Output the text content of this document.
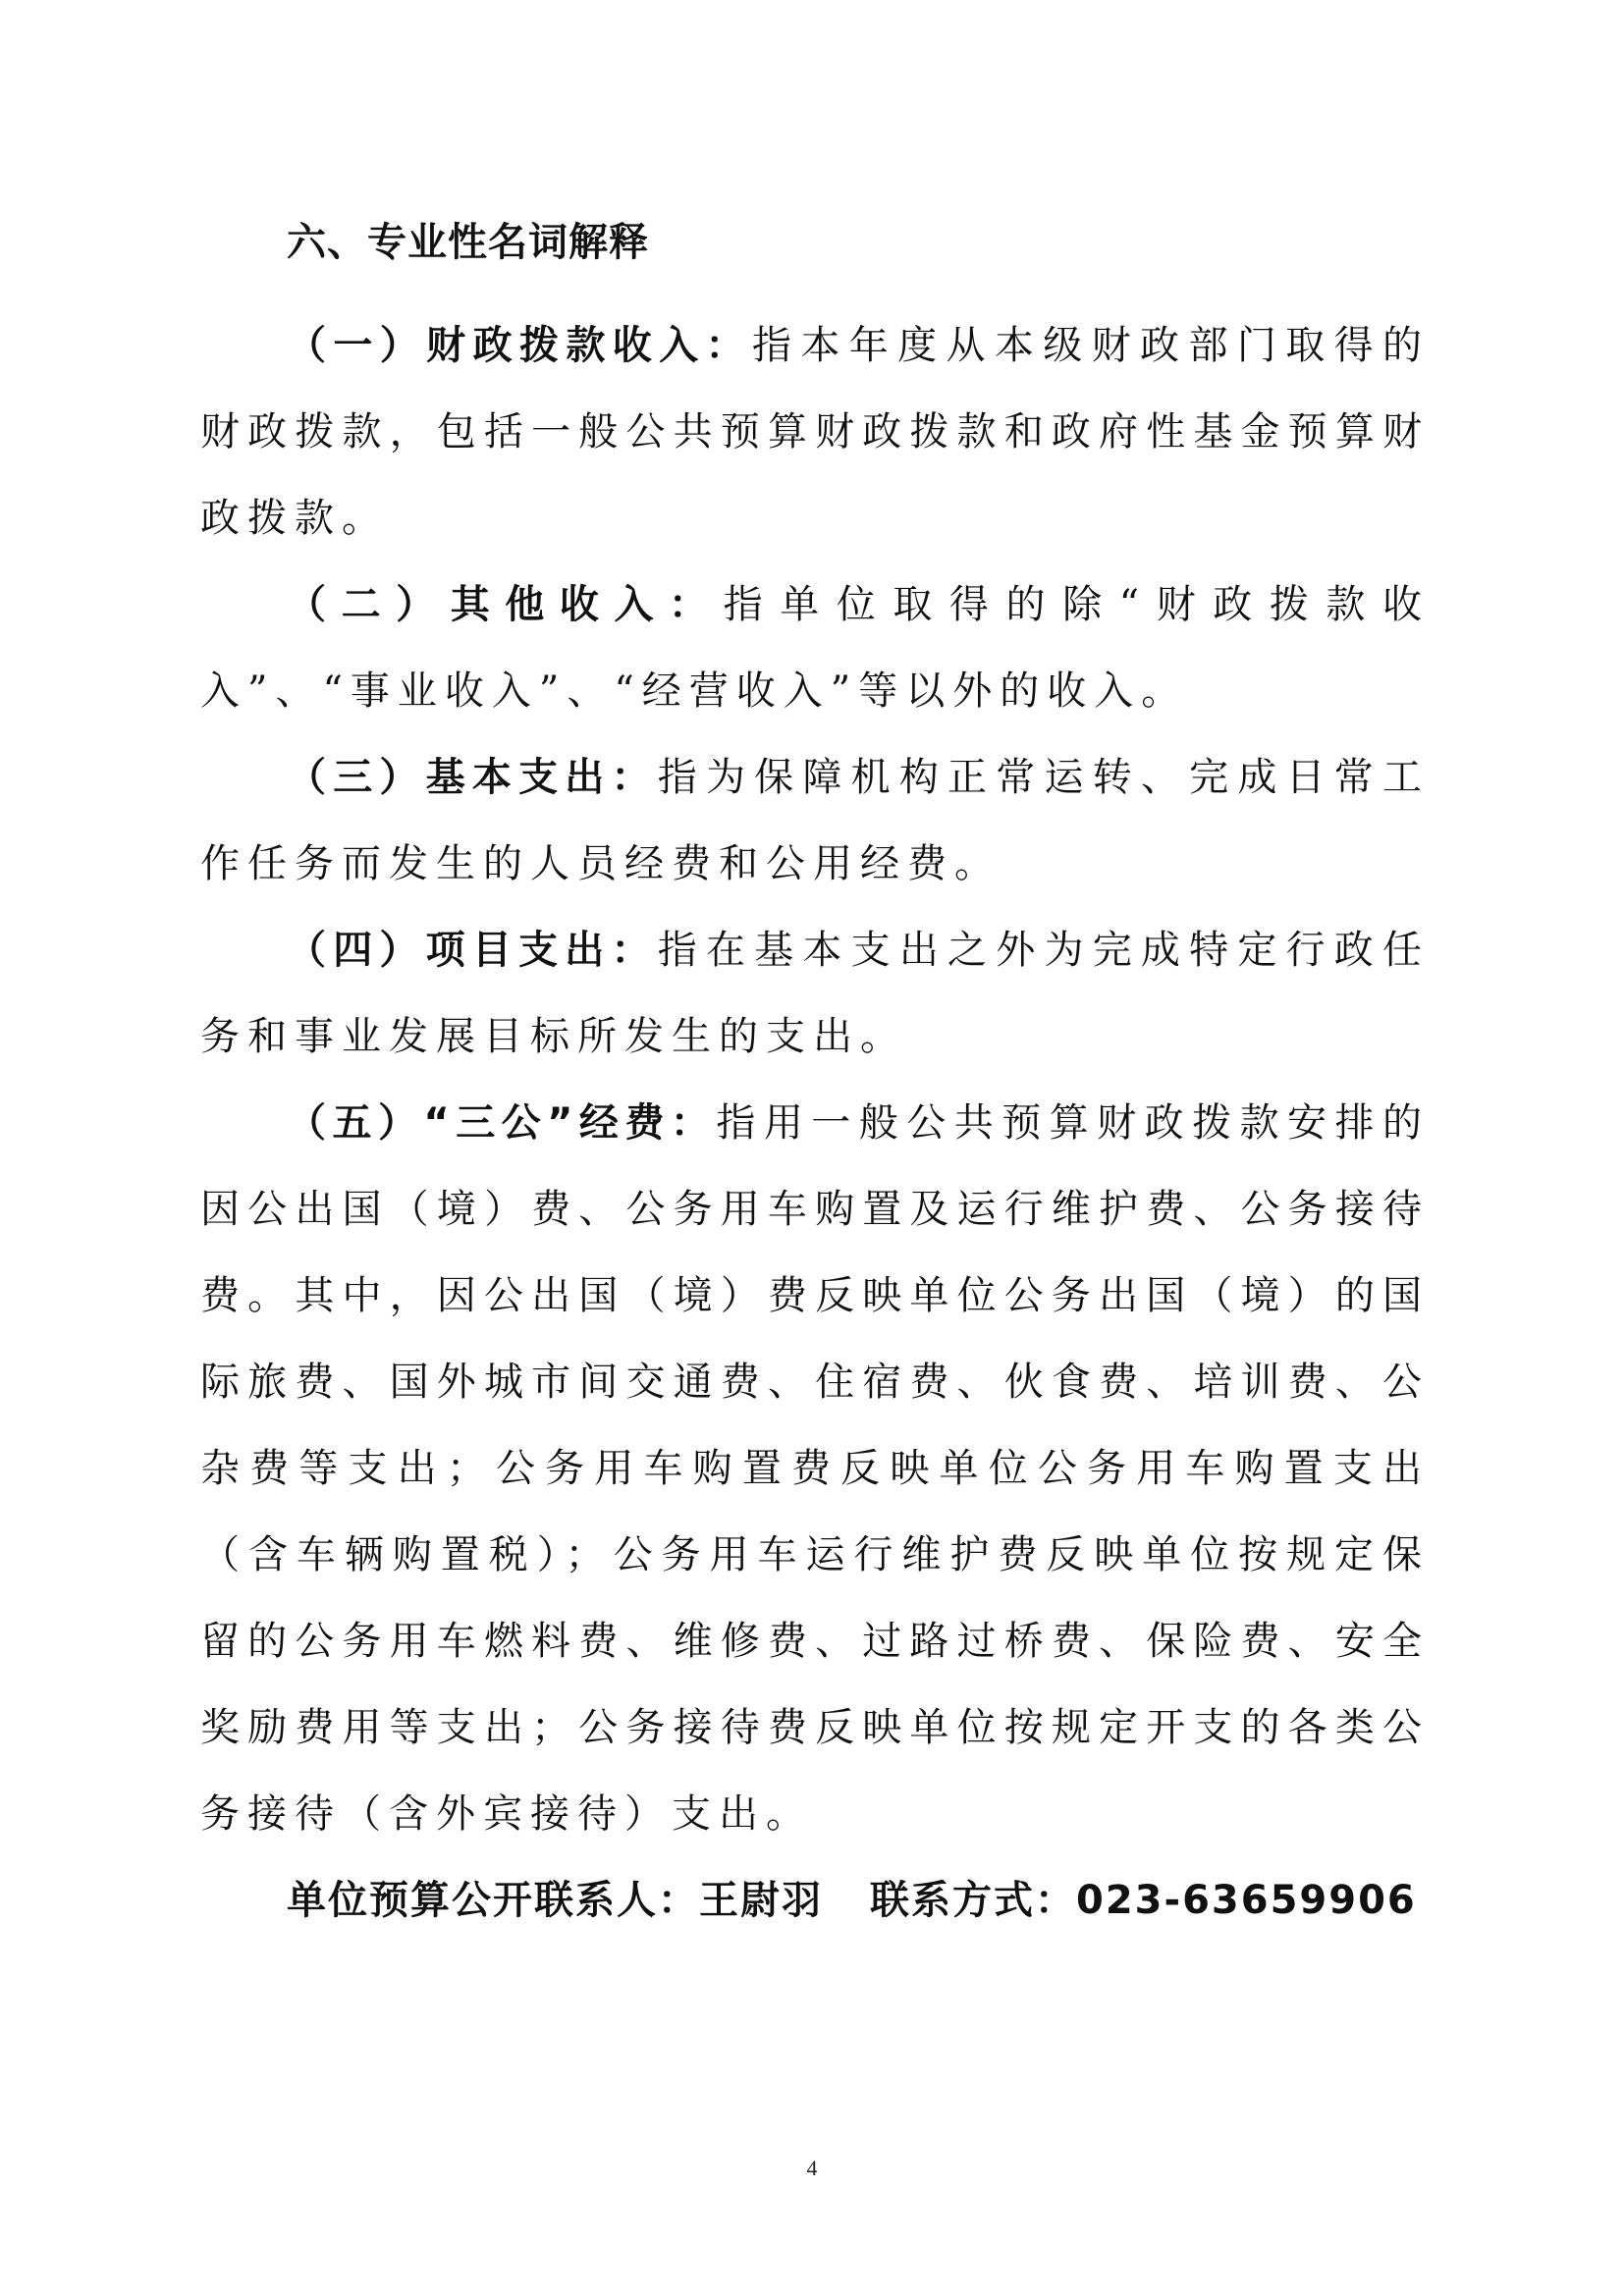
六、专业性名词解释

（一）财政拨款收入：指本年度从本级财政部门取得的财政拨款，包括一般公共预算财政拨款和政府性基金预算财政拨款。

（二）其他收入：指单位取得的除“财政拨款收入”、“事业收入”、“经营收入”等以外的收入。

（三）基本支出：指为保障机构正常运转、完成日常工作任务而发生的人员经费和公用经费。

（四）项目支出：指在基本支出之外为完成特定行政任务和事业发展目标所发生的支出。

（五）“三公”经费：指用一般公共预算财政拨款安排的因公出国（境）费、公务用车购置及运行维护费、公务接待费。其中，因公出国（境）费反映单位公务出国（境）的国际旅费、国外城市间交通费、住宿费、伙食费、培训费、公杂费等支出；公务用车购置费反映单位公务用车购置支出（含车辆购置税）；公务用车运行维护费反映单位按规定保留的公务用车燃料费、维修费、过路过桥费、保险费、安全奖励费用等支出；公务接待费反映单位按规定开支的各类公务接待（含外宾接待）支出。

单位预算公开联系人：王尉羽 联系方式：023-63659906

4
